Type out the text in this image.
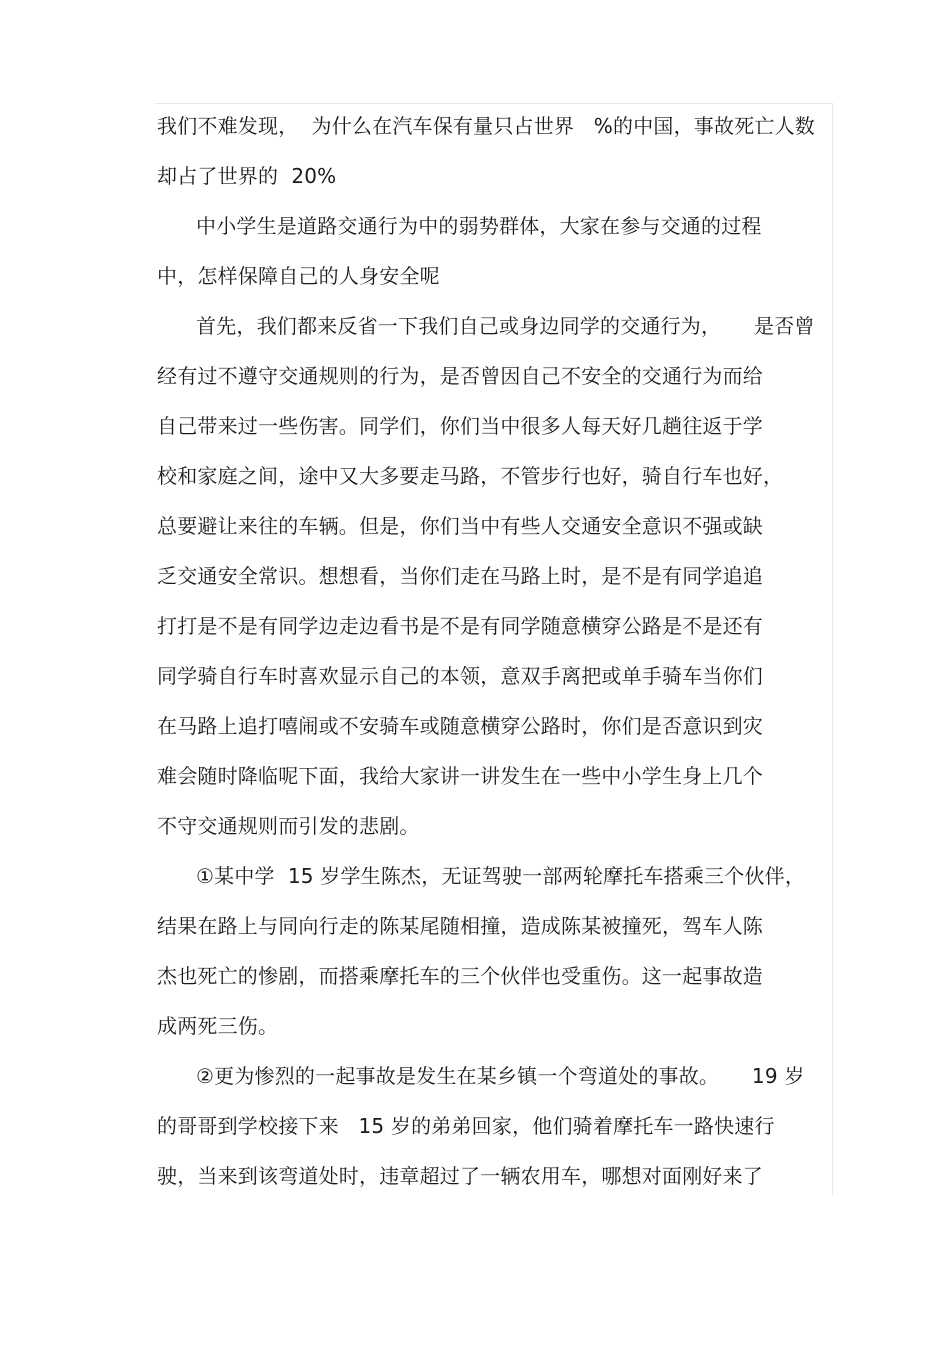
我们不难发现，  为什么在汽车保有量只占世界   %的中国，事故死亡人数
却占了世界的  20%
中小学生是道路交通行为中的弱势群体，大家在参与交通的过程
中，怎样保障自己的人身安全呢
首先，我们都来反省一下我们自己或身边同学的交通行为，     是否曾
经有过不遵守交通规则的行为，是否曾因自己不安全的交通行为而给
自己带来过一些伤害。同学们，你们当中很多人每天好几趟往返于学
校和家庭之间，途中又大多要走马路，不管步行也好，骑自行车也好，
总要避让来往的车辆。但是，你们当中有些人交通安全意识不强或缺
乏交通安全常识。想想看，当你们走在马路上时，是不是有同学追追
打打是不是有同学边走边看书是不是有同学随意横穿公路是不是还有
同学骑自行车时喜欢显示自己的本领，意双手离把或单手骑车当你们
在马路上追打嘻闹或不安骑车或随意横穿公路时，你们是否意识到灾
难会随时降临呢下面，我给大家讲一讲发生在一些中小学生身上几个
不守交通规则而引发的悲剧。
①某中学  15 岁学生陈杰，无证驾驶一部两轮摩托车搭乘三个伙伴，
结果在路上与同向行走的陈某尾随相撞，造成陈某被撞死，驾车人陈
杰也死亡的惨剧，而搭乘摩托车的三个伙伴也受重伤。这一起事故造
成两死三伤。
②更为惨烈的一起事故是发生在某乡镇一个弯道处的事故。     19 岁
的哥哥到学校接下来   15 岁的弟弟回家，他们骑着摩托车一路快速行
驶，当来到该弯道处时，违章超过了一辆农用车，哪想对面刚好来了
